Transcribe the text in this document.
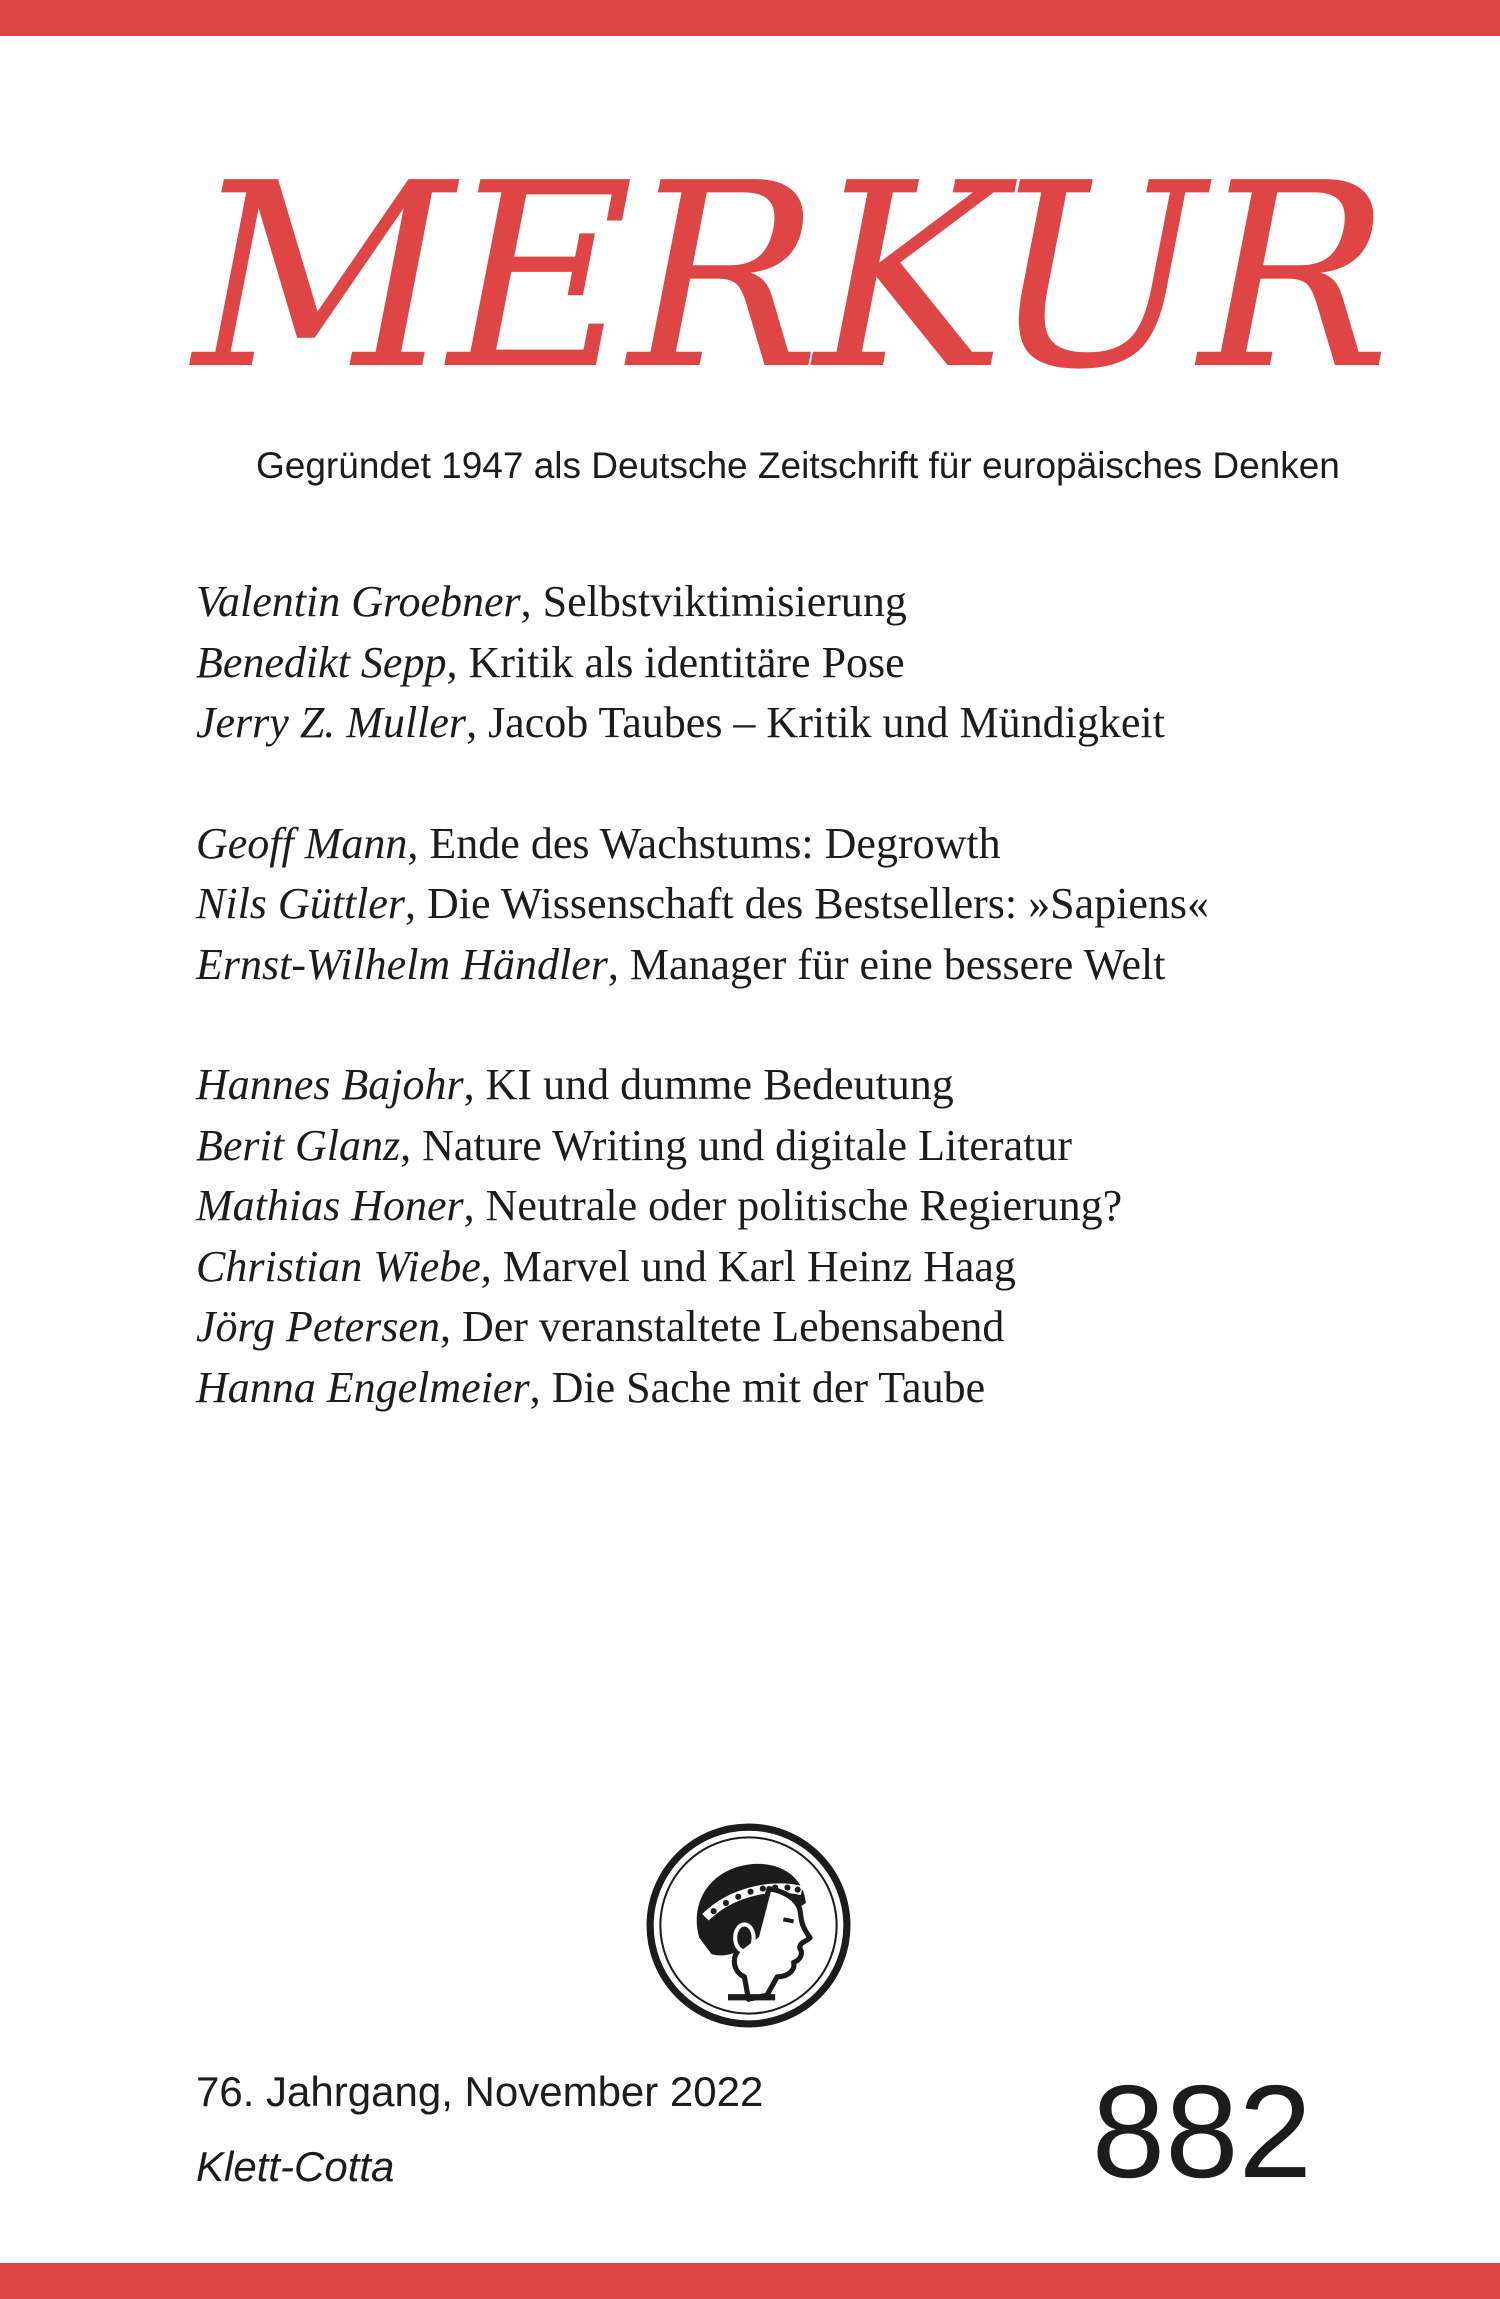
MERKUR
Gegründet 1947 als Deutsche Zeitschrift für europäisches Denken
Valentin Groebner, Selbstviktimisierung
Benedikt Sepp, Kritik als identitäre Pose
Jerry Z. Muller, Jacob Taubes – Kritik und Mündigkeit
Geoff Mann, Ende des Wachstums: Degrowth
Nils Güttler, Die Wissenschaft des Bestsellers: »Sapiens«
Ernst-Wilhelm Händler, Manager für eine bessere Welt
Hannes Bajohr, KI und dumme Bedeutung
Berit Glanz, Nature Writing und digitale Literatur
Mathias Honer, Neutrale oder politische Regierung?
Christian Wiebe, Marvel und Karl Heinz Haag
Jörg Petersen, Der veranstaltete Lebensabend
Hanna Engelmeier, Die Sache mit der Taube
76. Jahrgang, November 2022
Klett-Cotta	882
